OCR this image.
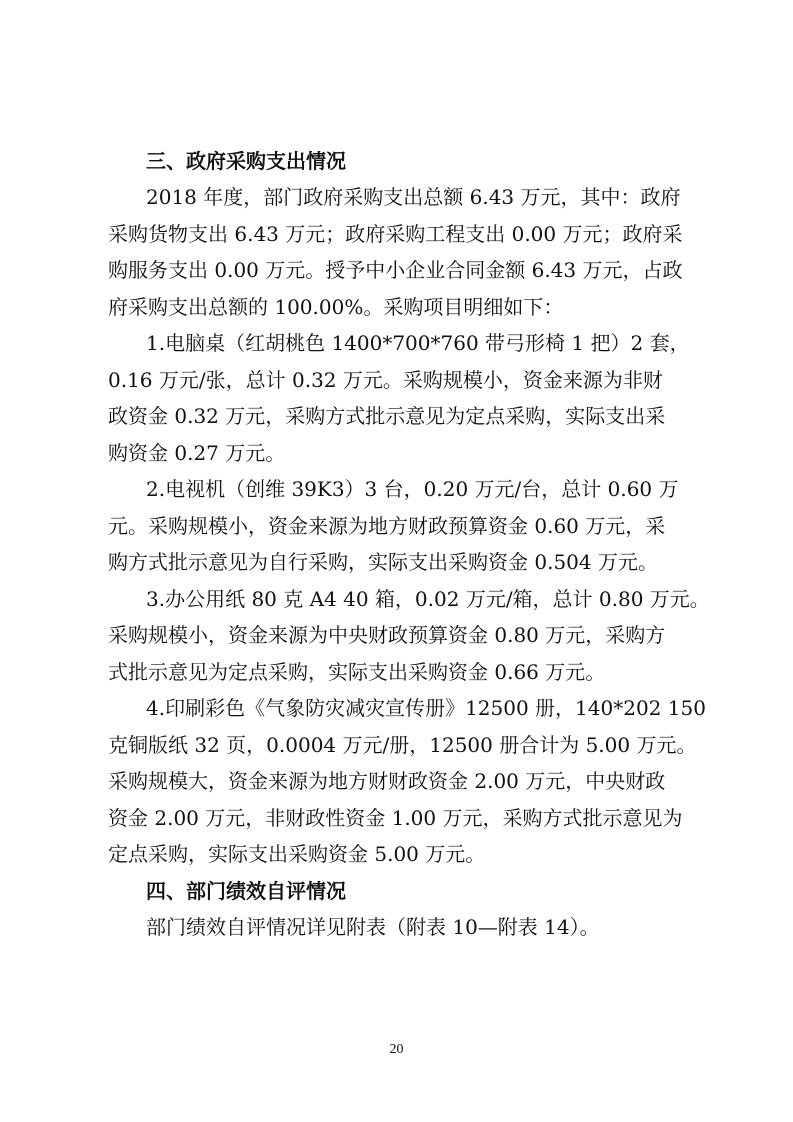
三、政府采购支出情况

2018 年度，部门政府采购支出总额 6.43 万元，其中：政府
采购货物支出 6.43 万元；政府采购工程支出 0.00 万元；政府采
购服务支出 0.00 万元。授予中小企业合同金额 6.43 万元，占政
府采购支出总额的 100.00%。采购项目明细如下：

1.电脑桌（红胡桃色 1400*700*760 带弓形椅 1 把）2 套，
0.16 万元/张，总计 0.32 万元。采购规模小，资金来源为非财
政资金 0.32 万元，采购方式批示意见为定点采购，实际支出采
购资金 0.27 万元。

2.电视机（创维 39K3）3 台，0.20 万元/台，总计 0.60 万
元。采购规模小，资金来源为地方财政预算资金 0.60 万元，采
购方式批示意见为自行采购，实际支出采购资金 0.504 万元。

3.办公用纸 80 克 A4 40 箱，0.02 万元/箱，总计 0.80 万元。
采购规模小，资金来源为中央财政预算资金 0.80 万元，采购方
式批示意见为定点采购，实际支出采购资金 0.66 万元。

4.印刷彩色《气象防灾减灾宣传册》12500 册，140*202 150
克铜版纸 32 页，0.0004 万元/册，12500 册合计为 5.00 万元。
采购规模大，资金来源为地方财财政资金 2.00 万元，中央财政
资金 2.00 万元，非财政性资金 1.00 万元，采购方式批示意见为
定点采购，实际支出采购资金 5.00 万元。

四、部门绩效自评情况

部门绩效自评情况详见附表（附表 10—附表 14）。

20
